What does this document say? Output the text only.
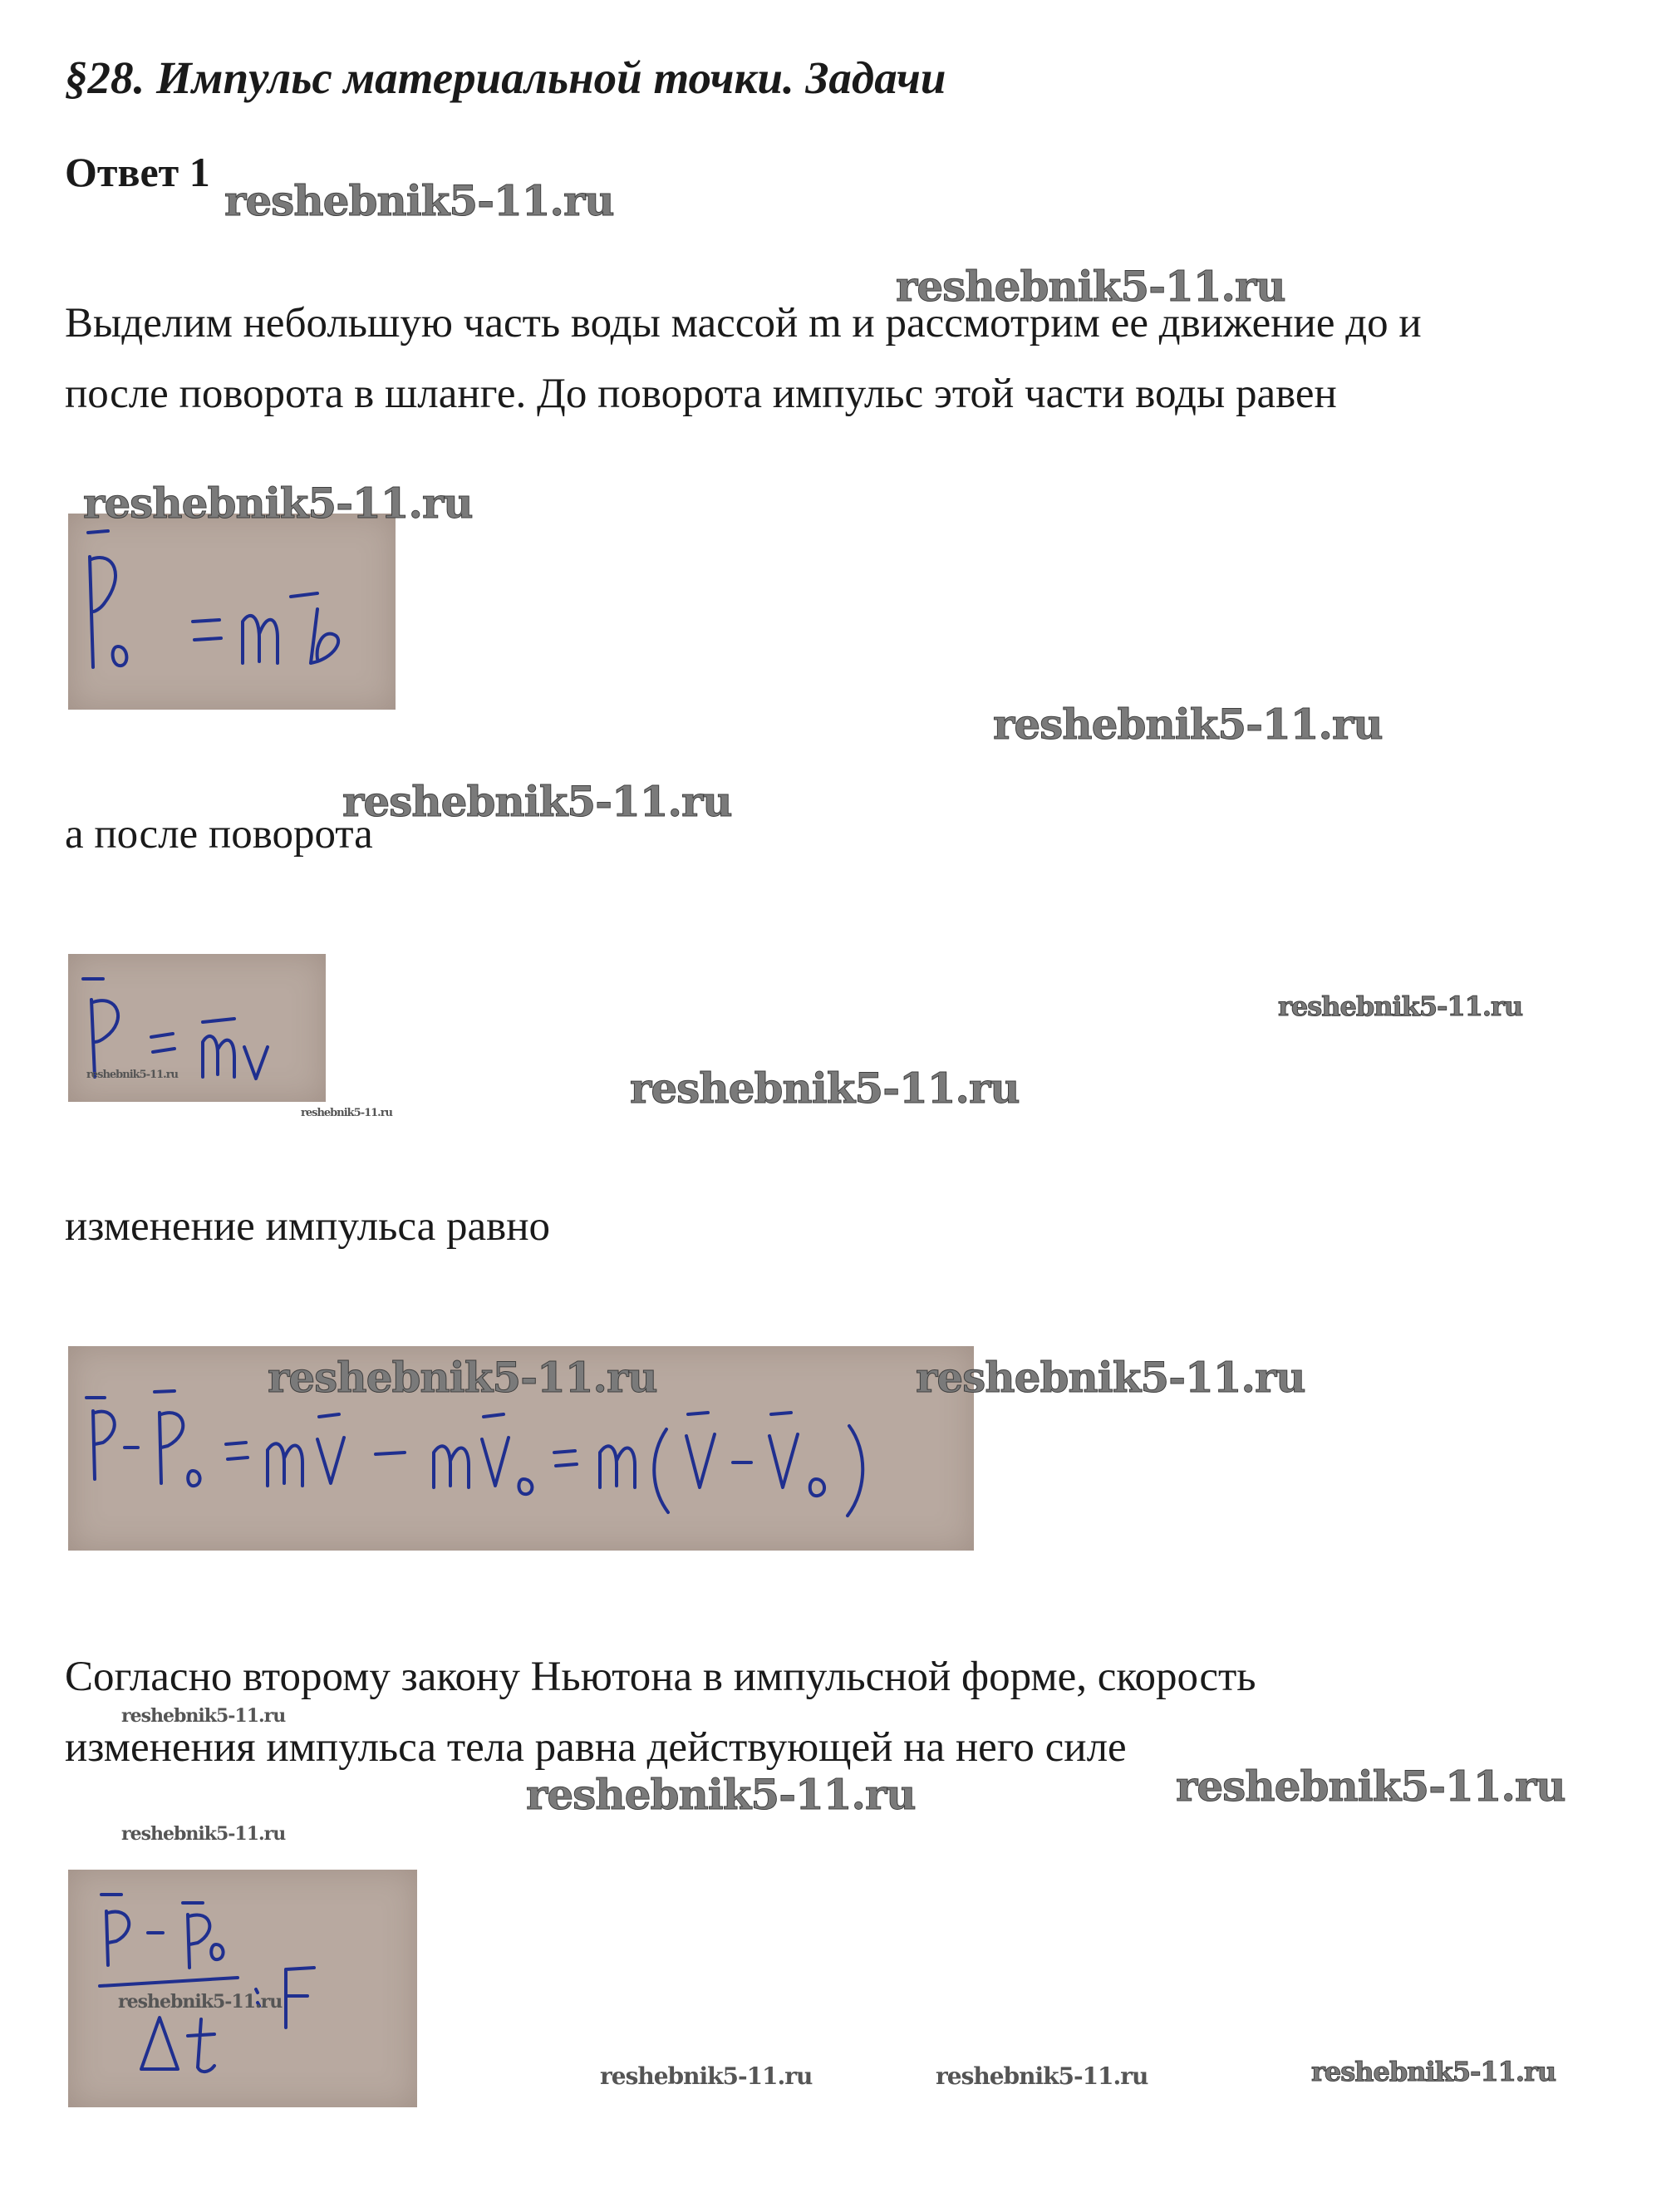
§28. Импульс материальной точки. Задачи
Ответ 1
Выделим небольшую часть воды массой m и рассмотрим ее движение до и
после поворота в шланге. До поворота импульс этой части воды равен
reshebnik5-11.ru
а после поворота
reshebnik5-11.ru
изменение импульса равно
reshebnik5-11.ru
Согласно второму закону Ньютона в импульсной форме, скорость
изменения импульса тела равна действующей на него силе
reshebnik5-11.ru
reshebnik5-11.ru
reshebnik5-11.ru
reshebnik5-11.ru
reshebnik5-11.ru
reshebnik5-11.ru
reshebnik5-11.ru
reshebnik5-11.ru
reshebnik5-11.ru
reshebnik5-11.ru
reshebnik5-11.ru	reshebnik5-11.ru
reshebnik5-11.ru
reshebnik5-11.ru	reshebnik5-11.ru	reshebnik5-11.ru
